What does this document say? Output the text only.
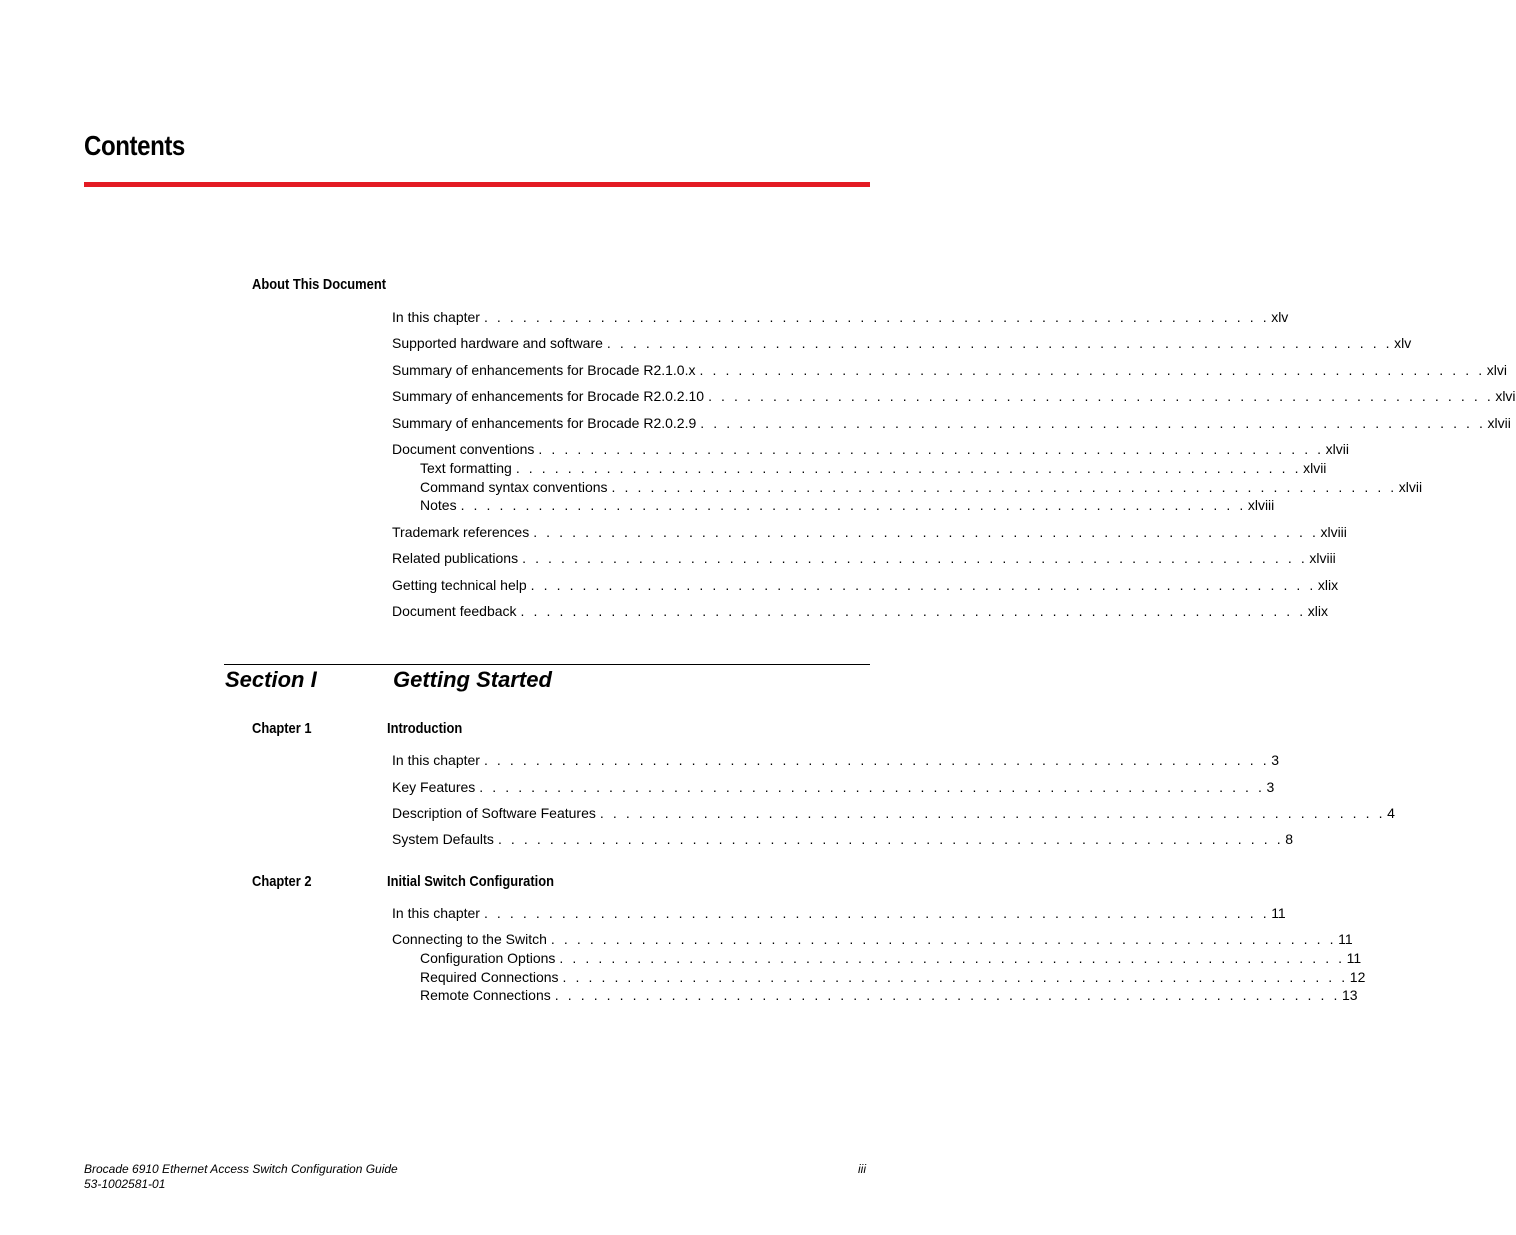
Contents
About This Document
In this chapter . . . . . . . . . . . . . . . . . . . . . . . . . . . . . . . . . . . . . . . . . . . . . . . . . . . . . . . . . . . . . xlv
Supported hardware and software . . . . . . . . . . . . . . . . . . . . . . . . . . . . . . . . . . . . . . . . . . . . . . . . . . . . . . . . . . . . . xlv
Summary of enhancements for Brocade R2.1.0.x . . . . . . . . . . . . . . . . . . . . . . . . . . . . . . . . . . . . . . . . . . . . . . . . . . . . . . . . . . . . . xlvi
Summary of enhancements for Brocade R2.0.2.10 . . . . . . . . . . . . . . . . . . . . . . . . . . . . . . . . . . . . . . . . . . . . . . . . . . . . . . . . . . . . . xlvi
Summary of enhancements for Brocade R2.0.2.9 . . . . . . . . . . . . . . . . . . . . . . . . . . . . . . . . . . . . . . . . . . . . . . . . . . . . . . . . . . . . . xlvii
Document conventions . . . . . . . . . . . . . . . . . . . . . . . . . . . . . . . . . . . . . . . . . . . . . . . . . . . . . . . . . . . . . xlvii
Text formatting . . . . . . . . . . . . . . . . . . . . . . . . . . . . . . . . . . . . . . . . . . . . . . . . . . . . . . . . . . . . . xlvii
Command syntax conventions . . . . . . . . . . . . . . . . . . . . . . . . . . . . . . . . . . . . . . . . . . . . . . . . . . . . . . . . . . . . . xlvii
Notes . . . . . . . . . . . . . . . . . . . . . . . . . . . . . . . . . . . . . . . . . . . . . . . . . . . . . . . . . . . . . xlviii
Trademark references . . . . . . . . . . . . . . . . . . . . . . . . . . . . . . . . . . . . . . . . . . . . . . . . . . . . . . . . . . . . . xlviii
Related publications . . . . . . . . . . . . . . . . . . . . . . . . . . . . . . . . . . . . . . . . . . . . . . . . . . . . . . . . . . . . . xlviii
Getting technical help . . . . . . . . . . . . . . . . . . . . . . . . . . . . . . . . . . . . . . . . . . . . . . . . . . . . . . . . . . . . . xlix
Document feedback . . . . . . . . . . . . . . . . . . . . . . . . . . . . . . . . . . . . . . . . . . . . . . . . . . . . . . . . . . . . . xlix
Section I	Getting Started
Chapter 1	Introduction
In this chapter . . . . . . . . . . . . . . . . . . . . . . . . . . . . . . . . . . . . . . . . . . . . . . . . . . . . . . . . . . . . . 3
Key Features . . . . . . . . . . . . . . . . . . . . . . . . . . . . . . . . . . . . . . . . . . . . . . . . . . . . . . . . . . . . . 3
Description of Software Features . . . . . . . . . . . . . . . . . . . . . . . . . . . . . . . . . . . . . . . . . . . . . . . . . . . . . . . . . . . . . 4
System Defaults . . . . . . . . . . . . . . . . . . . . . . . . . . . . . . . . . . . . . . . . . . . . . . . . . . . . . . . . . . . . . 8
Chapter 2	Initial Switch Configuration
In this chapter . . . . . . . . . . . . . . . . . . . . . . . . . . . . . . . . . . . . . . . . . . . . . . . . . . . . . . . . . . . . . 11
Connecting to the Switch . . . . . . . . . . . . . . . . . . . . . . . . . . . . . . . . . . . . . . . . . . . . . . . . . . . . . . . . . . . . . 11
Configuration Options . . . . . . . . . . . . . . . . . . . . . . . . . . . . . . . . . . . . . . . . . . . . . . . . . . . . . . . . . . . . . 11
Required Connections . . . . . . . . . . . . . . . . . . . . . . . . . . . . . . . . . . . . . . . . . . . . . . . . . . . . . . . . . . . . . 12
Remote Connections . . . . . . . . . . . . . . . . . . . . . . . . . . . . . . . . . . . . . . . . . . . . . . . . . . . . . . . . . . . . . 13
Brocade 6910 Ethernet Access Switch Configuration Guide
53-1002581-01
iii
